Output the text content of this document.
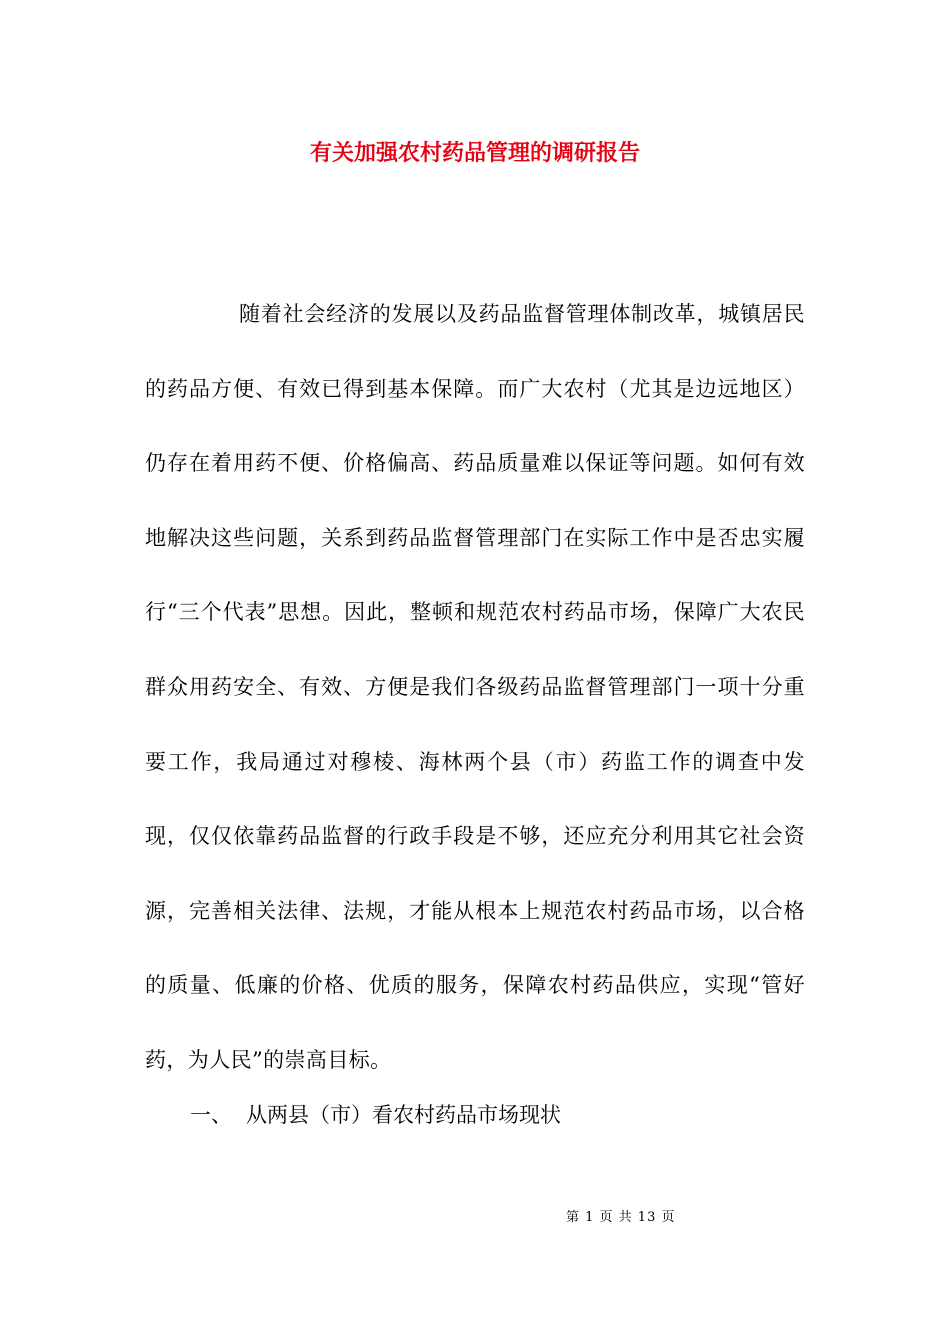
有关加强农村药品管理的调研报告

随着社会经济的发展以及药品监督管理体制改革，城镇居民的药品方便、有效已得到基本保障。而广大农村（尤其是边远地区）仍存在着用药不便、价格偏高、药品质量难以保证等问题。如何有效地解决这些问题，关系到药品监督管理部门在实际工作中是否忠实履行“三个代表”思想。因此，整顿和规范农村药品市场，保障广大农民群众用药安全、有效、方便是我们各级药品监督管理部门一项十分重要工作，我局通过对穆棱、海林两个县（市）药监工作的调查中发现，仅仅依靠药品监督的行政手段是不够，还应充分利用其它社会资源，完善相关法律、法规，才能从根本上规范农村药品市场，以合格的质量、低廉的价格、优质的服务，保障农村药品供应，实现“管好药，为人民”的崇高目标。

一、 从两县（市）看农村药品市场现状
第 1 页 共 13 页
